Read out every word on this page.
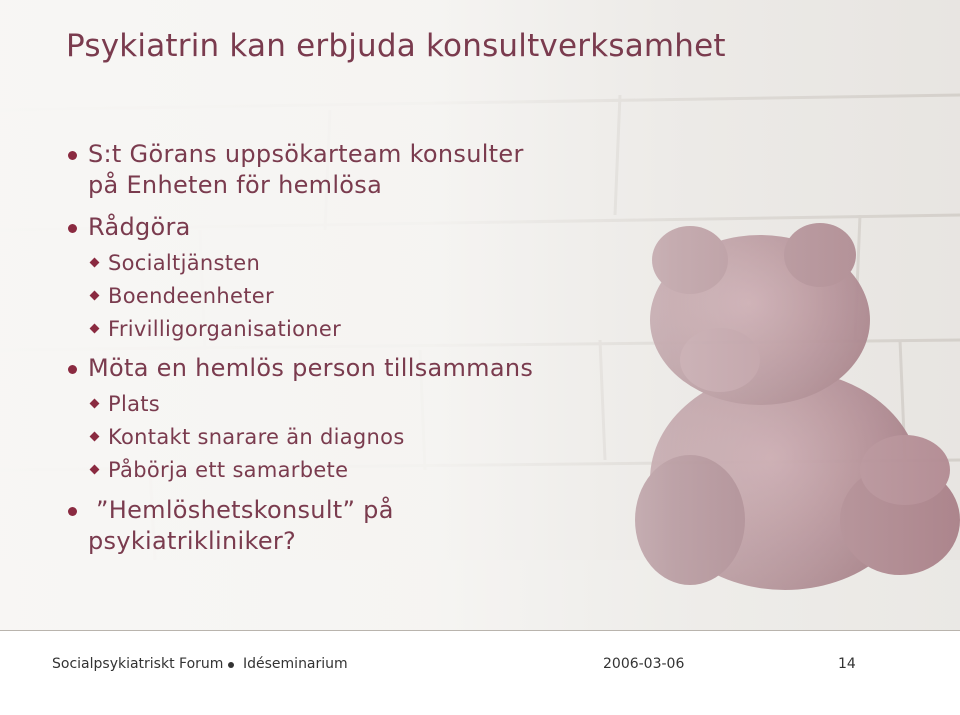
Psykiatrin kan erbjuda konsultverksamhet
S:t Görans uppsökarteam konsulter
på Enheten för hemlösa
Rådgöra
Socialtjänsten
Boendeenheter
Frivilligorganisationer
Möta en hemlös person tillsammans
Plats
Kontakt snarare än diagnos
Påbörja ett samarbete
”Hemlöshetskonsult” på
psykiatrikliniker?
Socialpsykiatriskt Forum Idéseminarium	2006-03-06	14
